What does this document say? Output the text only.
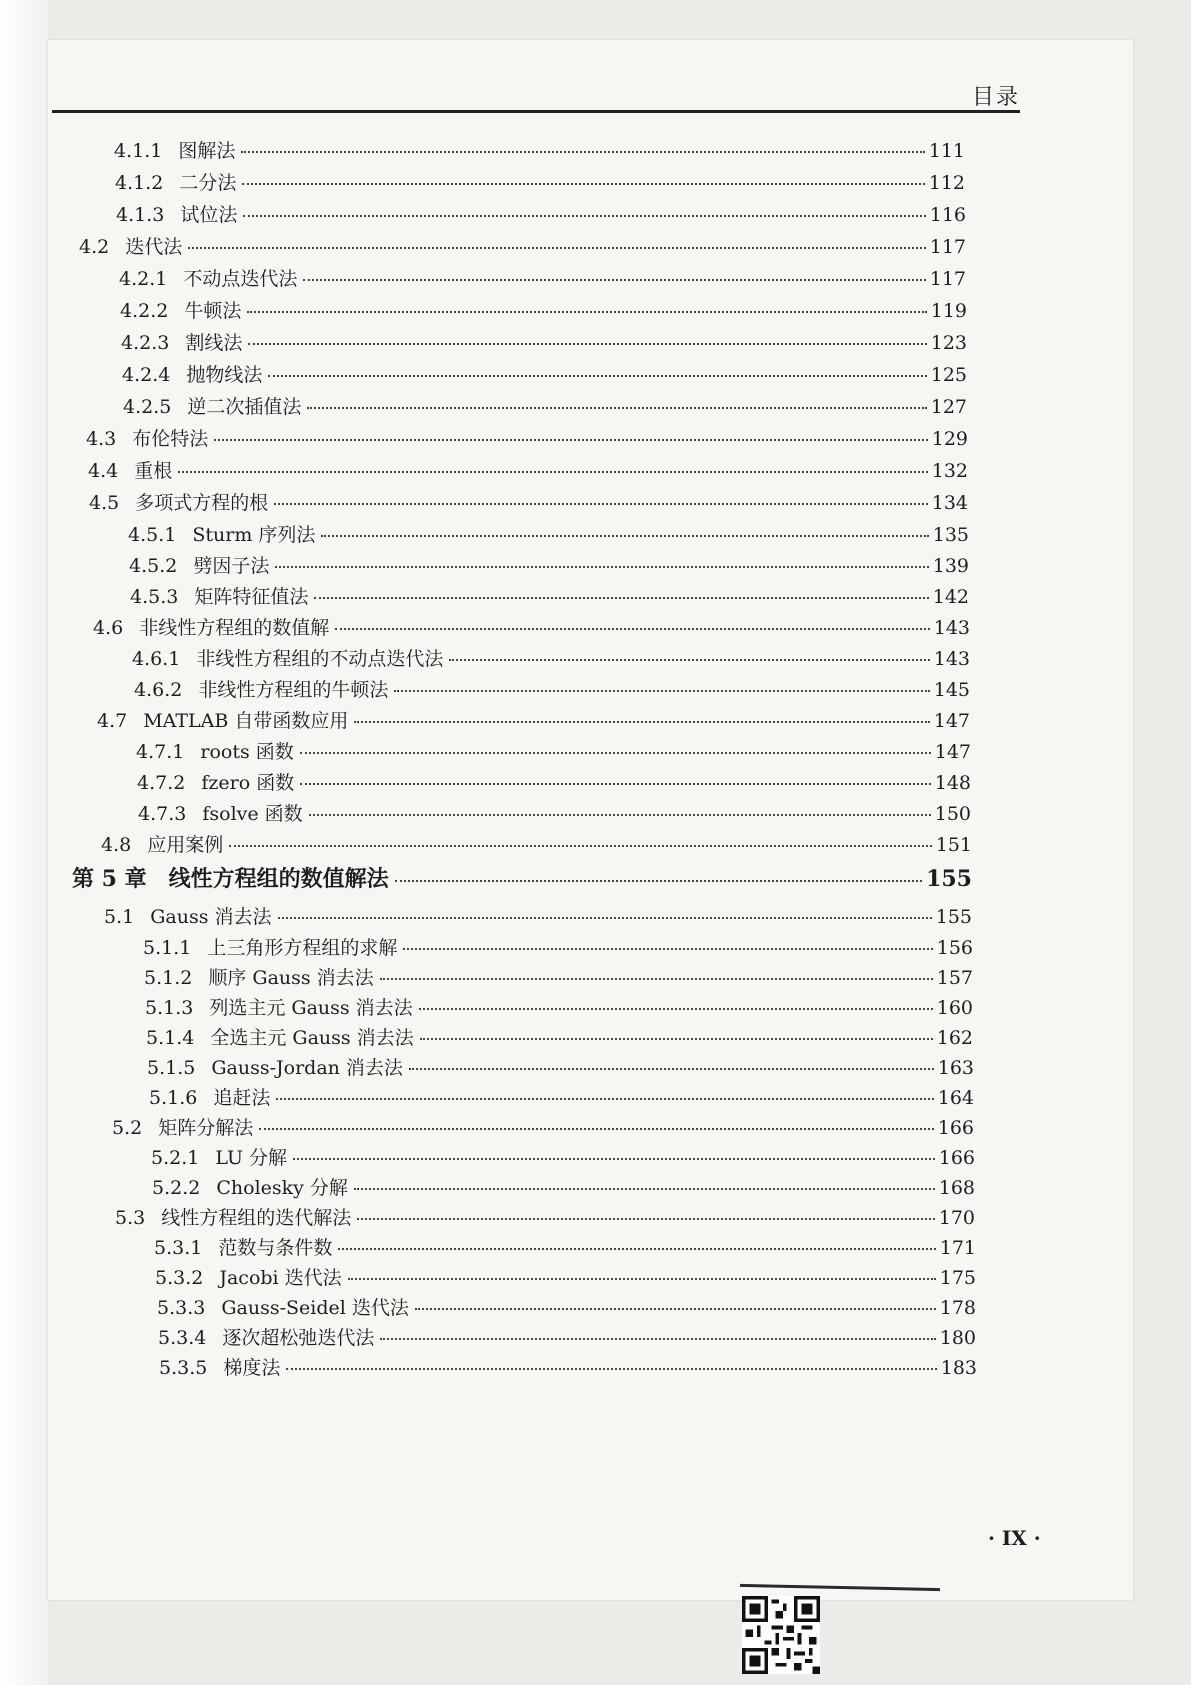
目录
4.1.1 图解法	111
4.1.2 二分法	112
4.1.3 试位法	116
4.2 迭代法	117
4.2.1 不动点迭代法	117
4.2.2 牛顿法	119
4.2.3 割线法	123
4.2.4 抛物线法	125
4.2.5 逆二次插值法	127
4.3 布伦特法	129
4.4 重根	132
4.5 多项式方程的根	134
4.5.1 Sturm 序列法	135
4.5.2 劈因子法	139
4.5.3 矩阵特征值法	142
4.6 非线性方程组的数值解	143
4.6.1 非线性方程组的不动点迭代法	143
4.6.2 非线性方程组的牛顿法	145
4.7 MATLAB 自带函数应用	147
4.7.1 roots 函数	147
4.7.2 fzero 函数	148
4.7.3 fsolve 函数	150
4.8 应用案例	151
第 5 章 线性方程组的数值解法	155
5.1 Gauss 消去法	155
5.1.1 上三角形方程组的求解	156
5.1.2 顺序 Gauss 消去法	157
5.1.3 列选主元 Gauss 消去法	160
5.1.4 全选主元 Gauss 消去法	162
5.1.5 Gauss-Jordan 消去法	163
5.1.6 追赶法	164
5.2 矩阵分解法	166
5.2.1 LU 分解	166
5.2.2 Cholesky 分解	168
5.3 线性方程组的迭代解法	170
5.3.1 范数与条件数	171
5.3.2 Jacobi 迭代法	175
5.3.3 Gauss-Seidel 迭代法	178
5.3.4 逐次超松弛迭代法	180
5.3.5 梯度法	183
· IX ·
